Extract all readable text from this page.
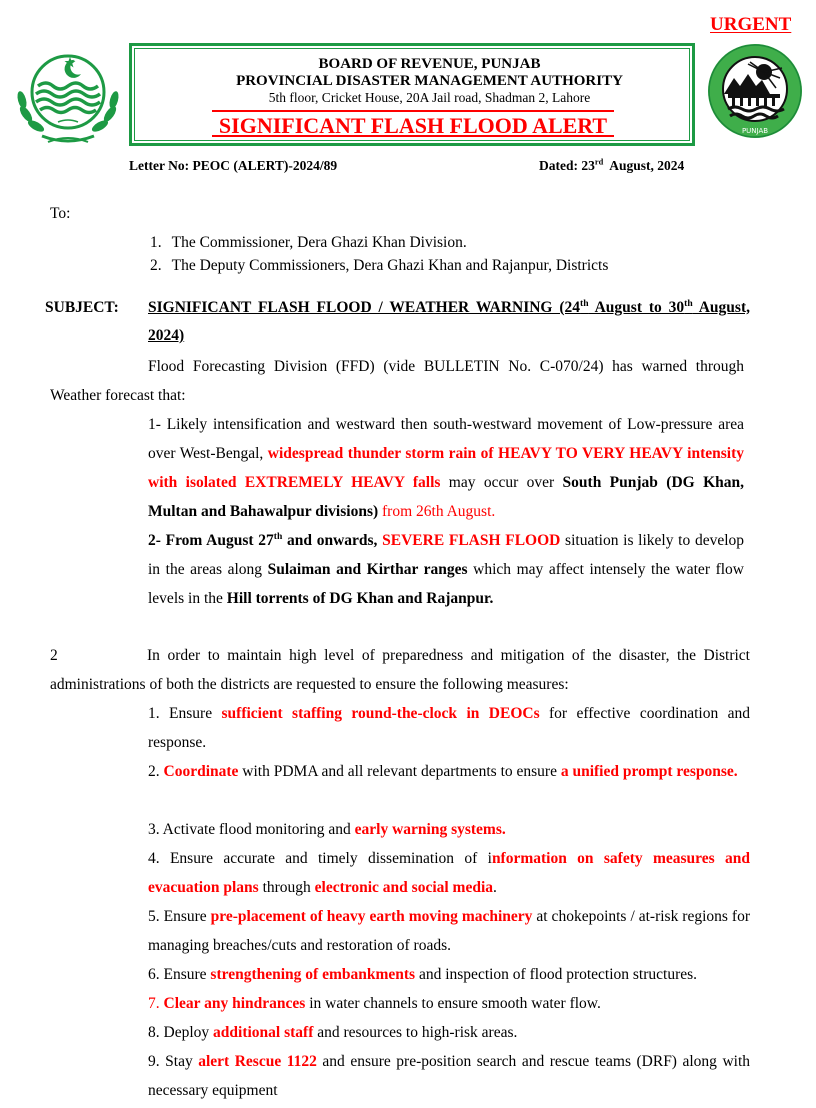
URGENT
BOARD OF REVENUE, PUNJAB
PROVINCIAL DISASTER MANAGEMENT AUTHORITY
5th floor, Cricket House, 20A Jail road, Shadman 2, Lahore
SIGNIFICANT FLASH FLOOD ALERT	PUNJAB
Letter No: PEOC (ALERT)-2024/89	Dated: 23rd  August, 2024
To:
1. The Commissioner, Dera Ghazi Khan Division.
2. The Deputy Commissioners, Dera Ghazi Khan and Rajanpur, Districts
SUBJECT: SIGNIFICANT FLASH FLOOD / WEATHER WARNING (24th August to 30th August, 2024)
Flood Forecasting Division (FFD) (vide BULLETIN No. C-070/24) has warned through Weather forecast that:
1- Likely intensification and westward then south-westward movement of Low-pressure area over West-Bengal, widespread thunder storm rain of HEAVY TO VERY HEAVY intensity with isolated EXTREMELY HEAVY falls may occur over South Punjab (DG Khan, Multan and Bahawalpur divisions) from 26th August.
2- From August 27th and onwards, SEVERE FLASH FLOOD situation is likely to develop in the areas along Sulaiman and Kirthar ranges which may affect intensely the water flow levels in the Hill torrents of DG Khan and Rajanpur.
2	In order to maintain high level of preparedness and mitigation of the disaster, the District administrations of both the districts are requested to ensure the following measures:
1. Ensure sufficient staffing round-the-clock in DEOCs for effective coordination and response.
2. Coordinate with PDMA and all relevant departments to ensure a unified prompt response.
3. Activate flood monitoring and early warning systems.
4. Ensure accurate and timely dissemination of information on safety measures and evacuation plans through electronic and social media.
5. Ensure pre-placement of heavy earth moving machinery at chokepoints / at-risk regions for managing breaches/cuts and restoration of roads.
6. Ensure strengthening of embankments and inspection of flood protection structures.
7. Clear any hindrances in water channels to ensure smooth water flow.
8. Deploy additional staff and resources to high-risk areas.
9. Stay alert Rescue 1122 and ensure pre-position search and rescue teams (DRF) along with necessary equipment
